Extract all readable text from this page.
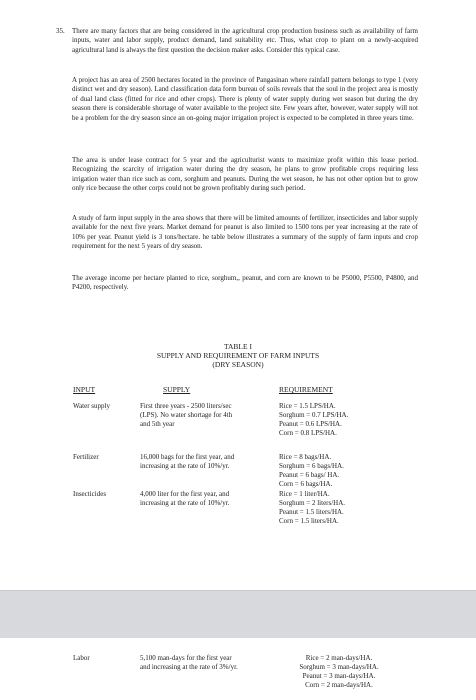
35. There are many factors that are being considered in the agricultural crop production business such as availability of farm inputs, water and labor supply, product demand, land suitability etc. Thus, what crop to plant on a newly-acquired agricultural land is always the first question the decision maker asks. Consider this typical case.
A project has an area of 2500 hectares located in the province of Pangasinan where rainfall pattern belongs to type 1 (very distinct wet and dry season). Land classification data form bureau of soils reveals that the soul in the project area is mostly of dual land class (fitted for rice and other crops). There is plenty of water supply during wet season but during the dry season there is considerable shortage of water available to the project site. Few years after, however, water supply will not be a problem for the dry season since an on-going major irrigation project is expected to be completed in three years time.
The area is under lease contract for 5 year and the agriculturist wants to maximize profit within this lease period. Recognizing the scarcity of irrigation water during the dry season, he plans to grow profitable crops requiring less irrigation water than rice such as corn, sorghum and peanuts. During the wet season, he has not other option but to grow only rice because the other corps could not be grown profitably during such period.
A study of farm input supply in the area shows that there will be limited amounts of fertilizer, insecticides and labor supply available for the next five years. Market demand for peanut is also limited to 1500 tons per year increasing at the rate of 10% per year. Peanut yield is 3 tons/hectare. he table below illustrates a summary of the supply of farm inputs and crop requirement for the next 5 years of dry season.
The average income per hectare planted to rice, sorghum,, peanut, and corn are known to be P5000, P5500, P4800, and P4200, respectively.
TABLE I
SUPPLY AND REQUIREMENT OF FARM INPUTS
(DRY SEASON)
INPUT	SUPPLY	REQUIREMENT
Water supply	First three years - 2500 liters/sec
(LPS). No water shortage for 4th
and 5th year
Rice = 1.5 LPS/HA.
Sorghum = 0.7 LPS/HA.
Peanut = 0.6 LPS/HA.
Corn = 0.8 LPS/HA.
Fertilizer	16,000 bags for the first year, and
increasing at the rate of 10%/yr.
Rice = 8 bags/HA.
Sorghum = 6 bags/HA.
Peanut = 6 bags/ HA.
Corn = 6 bags/HA.
Insecticides	4,000 liter for the first year, and
increasing at the rate of 10%/yr.
Rice = 1 liter/HA.
Sorghum = 2 liters/HA.
Peanut = 1.5 liters/HA.
Corn = 1.5 liters/HA.
Labor	5,100 man-days for the first year
and increasing at the rate of 3%/yr.
Rice = 2 man-days/HA.
Sorghum = 3 man-days/HA.
Peanut = 3 man-days/HA.
Corn = 2 man-days/HA.
